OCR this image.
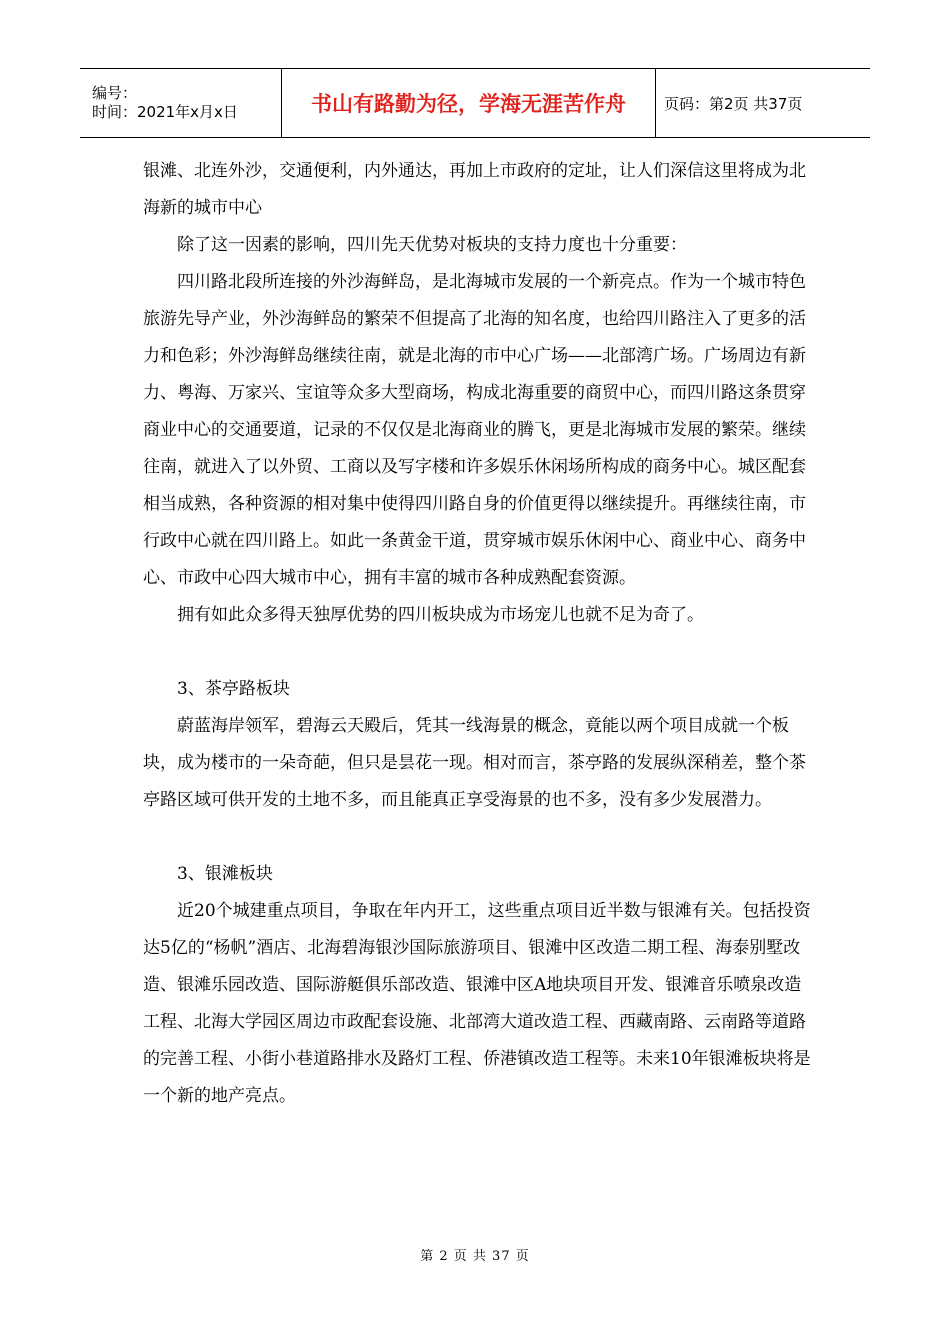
编号：
时间：2021年x月x日	书山有路勤为径，学海无涯苦作舟	页码：第2页 共37页

银滩、北连外沙，交通便利，内外通达，再加上市政府的定址，让人们深信这里将成为北海新的城市中心

除了这一因素的影响，四川先天优势对板块的支持力度也十分重要：

四川路北段所连接的外沙海鲜岛，是北海城市发展的一个新亮点。作为一个城市特色旅游先导产业，外沙海鲜岛的繁荣不但提高了北海的知名度，也给四川路注入了更多的活力和色彩；外沙海鲜岛继续往南，就是北海的市中心广场——北部湾广场。广场周边有新力、粤海、万家兴、宝谊等众多大型商场，构成北海重要的商贸中心，而四川路这条贯穿商业中心的交通要道，记录的不仅仅是北海商业的腾飞，更是北海城市发展的繁荣。继续往南，就进入了以外贸、工商以及写字楼和许多娱乐休闲场所构成的商务中心。城区配套相当成熟，各种资源的相对集中使得四川路自身的价值更得以继续提升。再继续往南，市行政中心就在四川路上。如此一条黄金干道，贯穿城市娱乐休闲中心、商业中心、商务中心、市政中心四大城市中心，拥有丰富的城市各种成熟配套资源。

拥有如此众多得天独厚优势的四川板块成为市场宠儿也就不足为奇了。

3、茶亭路板块

蔚蓝海岸领军，碧海云天殿后，凭其一线海景的概念，竟能以两个项目成就一个板块，成为楼市的一朵奇葩，但只是昙花一现。相对而言，茶亭路的发展纵深稍差，整个茶亭路区域可供开发的土地不多，而且能真正享受海景的也不多，没有多少发展潜力。

3、银滩板块

近20个城建重点项目，争取在年内开工，这些重点项目近半数与银滩有关。包括投资达5亿的“杨帆”酒店、北海碧海银沙国际旅游项目、银滩中区改造二期工程、海泰别墅改造、银滩乐园改造、国际游艇俱乐部改造、银滩中区A地块项目开发、银滩音乐喷泉改造工程、北海大学园区周边市政配套设施、北部湾大道改造工程、西藏南路、云南路等道路的完善工程、小街小巷道路排水及路灯工程、侨港镇改造工程等。未来10年银滩板块将是一个新的地产亮点。

第 2 页 共 37 页
